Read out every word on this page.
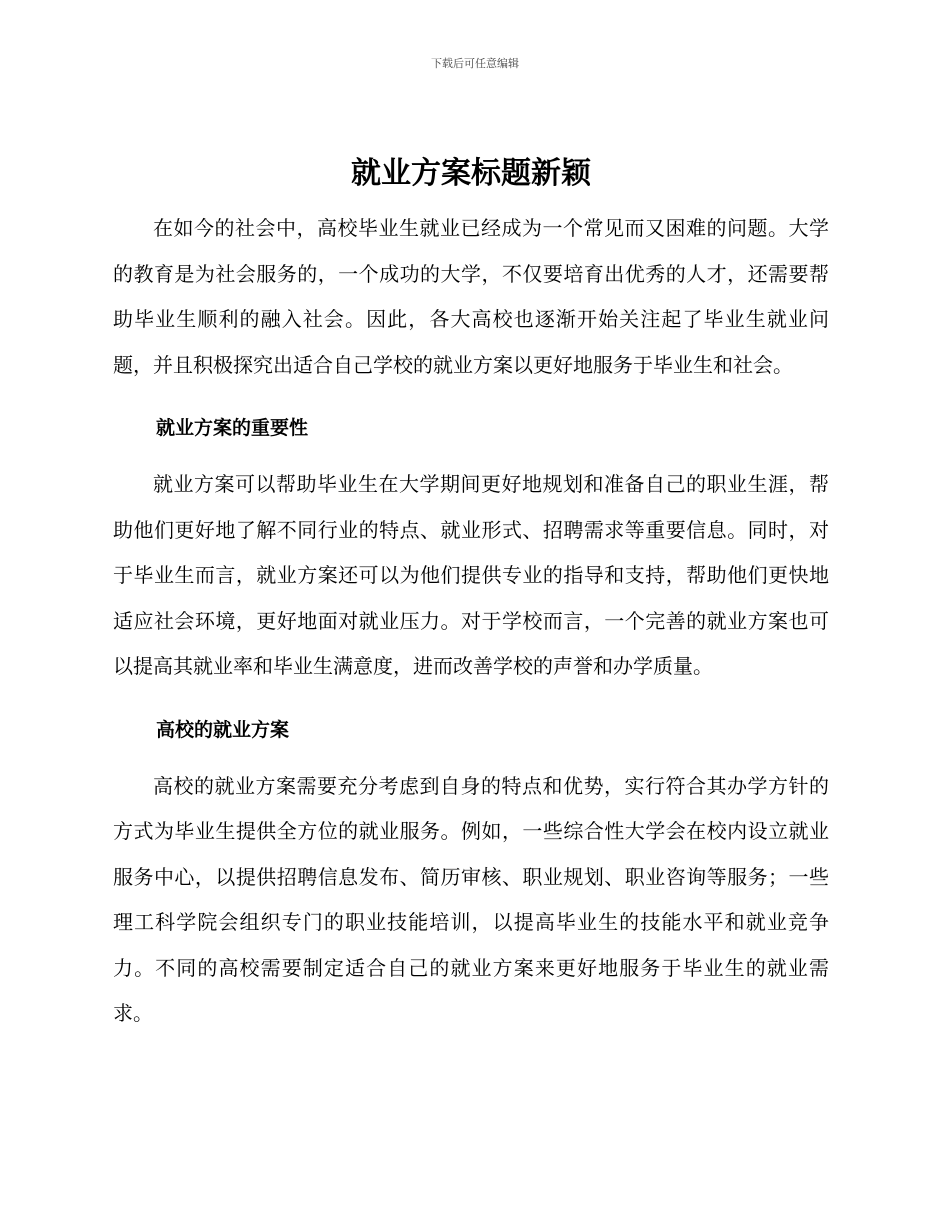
下载后可任意编辑
就业方案标题新颖

在如今的社会中，高校毕业生就业已经成为一个常见而又困难的问题。大学的教育是为社会服务的，一个成功的大学，不仅要培育出优秀的人才，还需要帮助毕业生顺利的融入社会。因此，各大高校也逐渐开始关注起了毕业生就业问题，并且积极探究出适合自己学校的就业方案以更好地服务于毕业生和社会。

就业方案的重要性

就业方案可以帮助毕业生在大学期间更好地规划和准备自己的职业生涯，帮助他们更好地了解不同行业的特点、就业形式、招聘需求等重要信息。同时，对于毕业生而言，就业方案还可以为他们提供专业的指导和支持，帮助他们更快地适应社会环境，更好地面对就业压力。对于学校而言，一个完善的就业方案也可以提高其就业率和毕业生满意度，进而改善学校的声誉和办学质量。

高校的就业方案

高校的就业方案需要充分考虑到自身的特点和优势，实行符合其办学方针的方式为毕业生提供全方位的就业服务。例如，一些综合性大学会在校内设立就业服务中心，以提供招聘信息发布、简历审核、职业规划、职业咨询等服务；一些理工科学院会组织专门的职业技能培训，以提高毕业生的技能水平和就业竞争力。不同的高校需要制定适合自己的就业方案来更好地服务于毕业生的就业需求。
